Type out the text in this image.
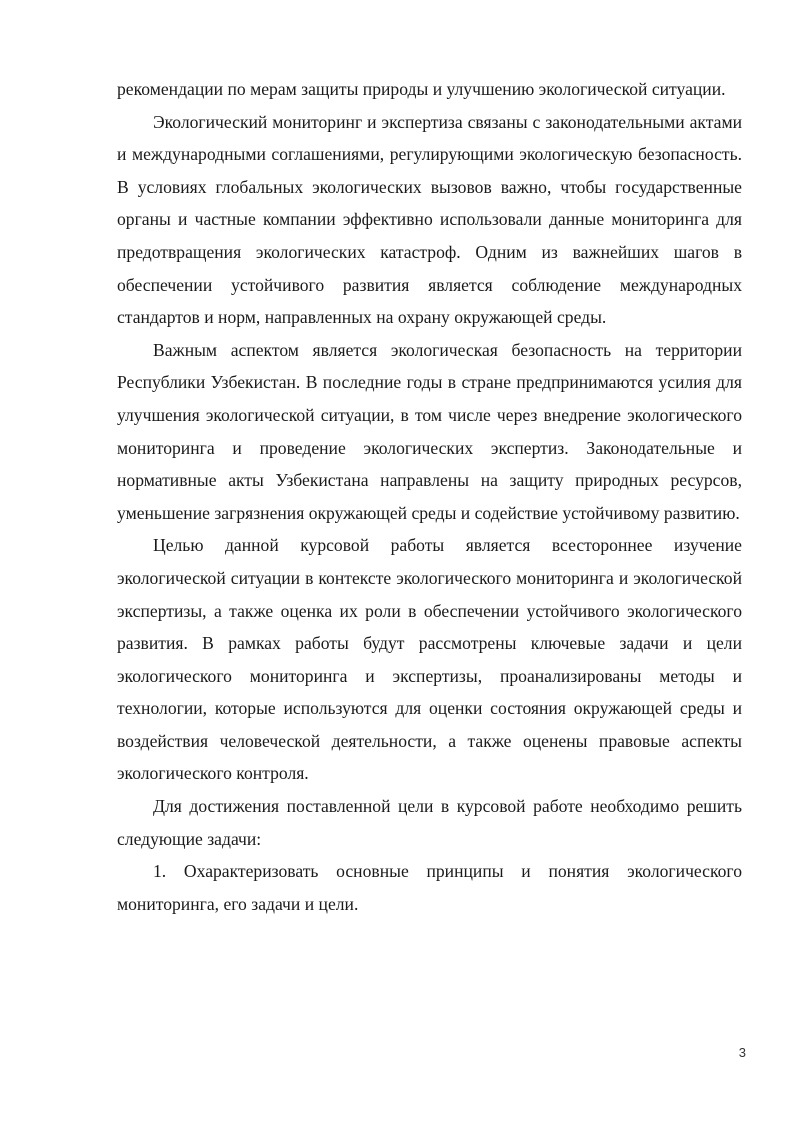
рекомендации по мерам защиты природы и улучшению экологической ситуации.

Экологический мониторинг и экспертиза связаны с законодательными актами и международными соглашениями, регулирующими экологическую безопасность. В условиях глобальных экологических вызовов важно, чтобы государственные органы и частные компании эффективно использовали данные мониторинга для предотвращения экологических катастроф. Одним из важнейших шагов в обеспечении устойчивого развития является соблюдение международных стандартов и норм, направленных на охрану окружающей среды.

Важным аспектом является экологическая безопасность на территории Республики Узбекистан. В последние годы в стране предпринимаются усилия для улучшения экологической ситуации, в том числе через внедрение экологического мониторинга и проведение экологических экспертиз. Законодательные и нормативные акты Узбекистана направлены на защиту природных ресурсов, уменьшение загрязнения окружающей среды и содействие устойчивому развитию.

Целью данной курсовой работы является всестороннее изучение экологической ситуации в контексте экологического мониторинга и экологической экспертизы, а также оценка их роли в обеспечении устойчивого экологического развития. В рамках работы будут рассмотрены ключевые задачи и цели экологического мониторинга и экспертизы, проанализированы методы и технологии, которые используются для оценки состояния окружающей среды и воздействия человеческой деятельности, а также оценены правовые аспекты экологического контроля.

Для достижения поставленной цели в курсовой работе необходимо решить следующие задачи:

1. Охарактеризовать основные принципы и понятия экологического мониторинга, его задачи и цели.

3
